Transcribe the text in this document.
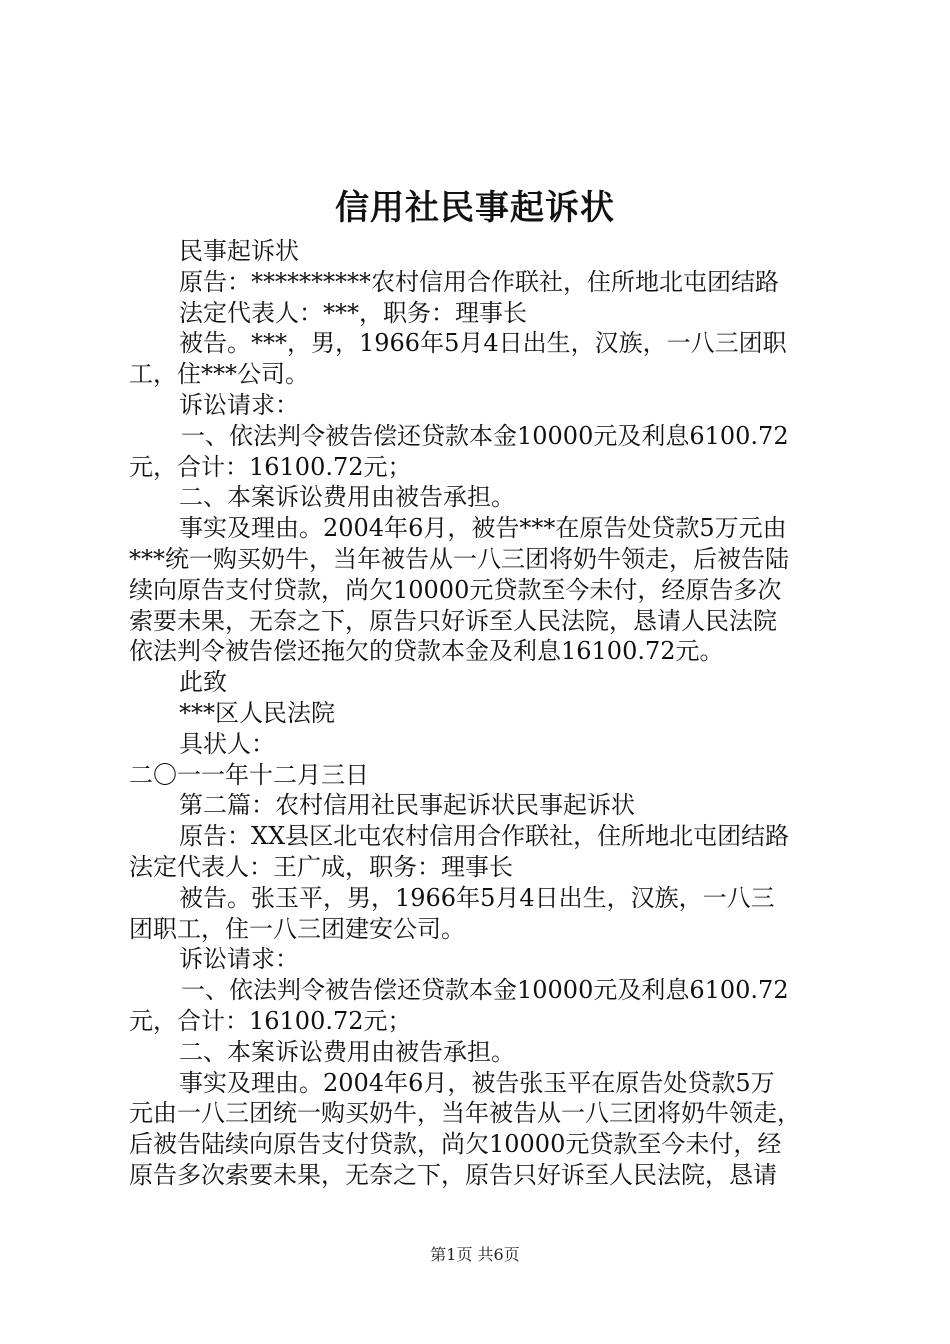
信用社民事起诉状
民事起诉状
原告：**********农村信用合作联社，住所地北屯团结路
法定代表人：***，职务：理事长
被告。***，男，1966年5月4日出生，汉族，一八三团职
工，住***公司。
诉讼请求：
一、依法判令被告偿还贷款本金10000元及利息6100.72
元，合计：16100.72元；
二、本案诉讼费用由被告承担。
事实及理由。2004年6月，被告***在原告处贷款5万元由
***统一购买奶牛，当年被告从一八三团将奶牛领走，后被告陆
续向原告支付贷款，尚欠10000元贷款至今未付，经原告多次
索要未果，无奈之下，原告只好诉至人民法院，恳请人民法院
依法判令被告偿还拖欠的贷款本金及利息16100.72元。
此致
***区人民法院
具状人：
二〇一一年十二月三日
第二篇：农村信用社民事起诉状民事起诉状
原告：XX县区北屯农村信用合作联社，住所地北屯团结路
法定代表人：王广成，职务：理事长
被告。张玉平，男，1966年5月4日出生，汉族，一八三
团职工，住一八三团建安公司。
诉讼请求：
一、依法判令被告偿还贷款本金10000元及利息6100.72
元，合计：16100.72元；
二、本案诉讼费用由被告承担。
事实及理由。2004年6月，被告张玉平在原告处贷款5万
元由一八三团统一购买奶牛，当年被告从一八三团将奶牛领走，
后被告陆续向原告支付贷款，尚欠10000元贷款至今未付，经
原告多次索要未果，无奈之下，原告只好诉至人民法院，恳请
第1页 共6页
